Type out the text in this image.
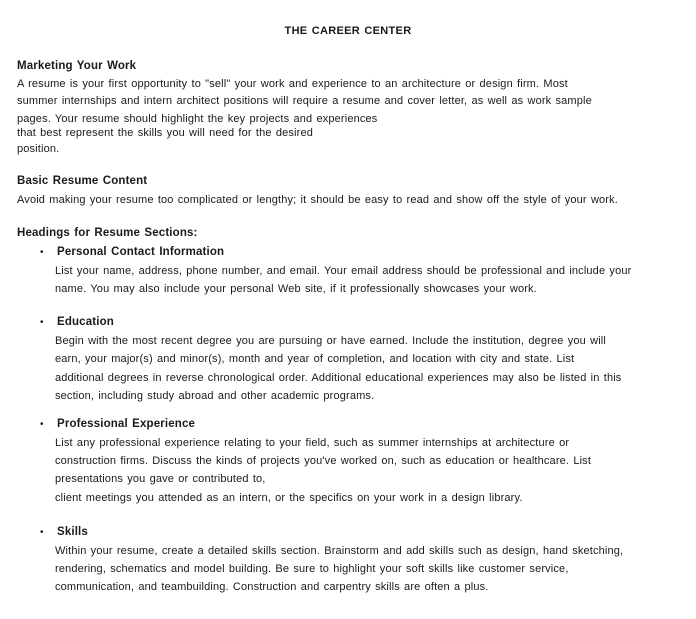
THE CAREER CENTER
Marketing Your Work
A resume is your first opportunity to "sell" your work and experience to an architecture or design firm. Most
summer internships and intern architect positions will require a resume and cover letter, as well as work sample
pages. Your resume should highlight the key projects and experiences
that best represent the skills you will need for the desired
position.
Basic Resume Content
Avoid making your resume too complicated or lengthy; it should be easy to read and show off the style of your work.
Headings for Resume Sections:
• Personal Contact Information
List your name, address, phone number, and email. Your email address should be professional and include your
name. You may also include your personal Web site, if it professionally showcases your work.
• Education
Begin with the most recent degree you are pursuing or have earned. Include the institution, degree you will
earn, your major(s) and minor(s), month and year of completion, and location with city and state. List
additional degrees in reverse chronological order. Additional educational experiences may also be listed in this
section, including study abroad and other academic programs.
• Professional Experience
List any professional experience relating to your field, such as summer internships at architecture or
construction firms. Discuss the kinds of projects you've worked on, such as education or healthcare. List
presentations you gave or contributed to,
client meetings you attended as an intern, or the specifics on your work in a design library.
• Skills
Within your resume, create a detailed skills section. Brainstorm and add skills such as design, hand sketching,
rendering, schematics and model building. Be sure to highlight your soft skills like customer service,
communication, and teambuilding. Construction and carpentry skills are often a plus.
